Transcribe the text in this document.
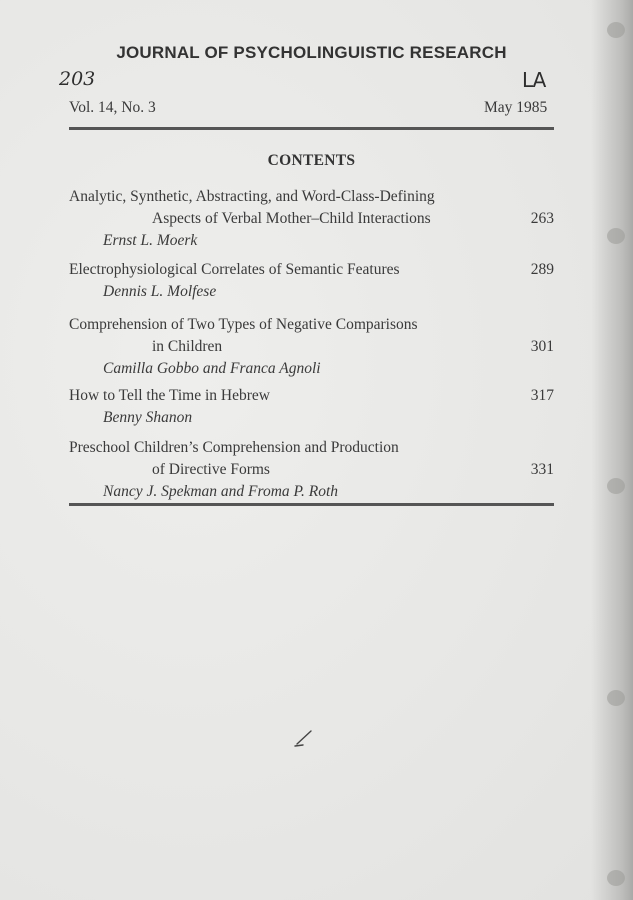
JOURNAL OF PSYCHOLINGUISTIC RESEARCH
203	LA
Vol. 14, No. 3	May 1985
CONTENTS
Analytic, Synthetic, Abstracting, and Word-Class-Defining
Aspects of Verbal Mother–Child Interactions
Ernst L. Moerk
263
Electrophysiological Correlates of Semantic Features
Dennis L. Molfese
289
Comprehension of Two Types of Negative Comparisons
in Children
Camilla Gobbo and Franca Agnoli
301
How to Tell the Time in Hebrew
Benny Shanon
317
Preschool Children’s Comprehension and Production
of Directive Forms
Nancy J. Spekman and Froma P. Roth
331
